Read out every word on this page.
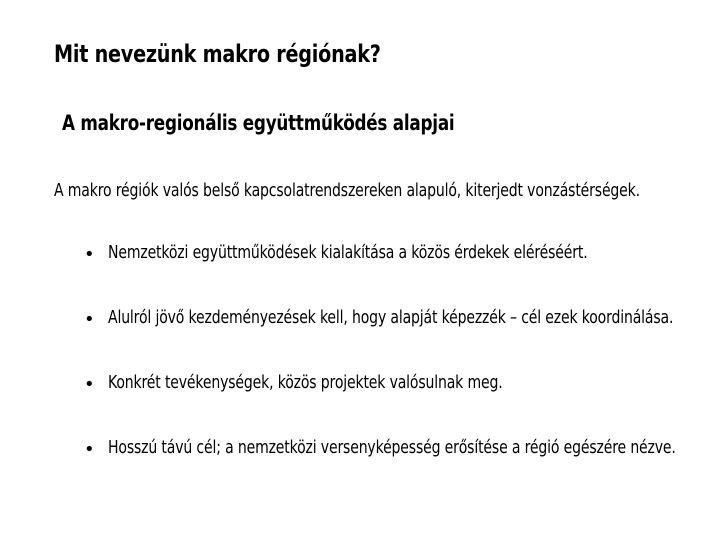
Mit nevezünk makro régiónak?
A makro-regionális együttműködés alapjai
A makro régiók valós belső kapcsolatrendszereken alapuló, kiterjedt vonzástérségek.
• Nemzetközi együttműködések kialakítása a közös érdekek eléréséért.
• Alulról jövő kezdeményezések kell, hogy alapját képezzék – cél ezek koordinálása.
• Konkrét tevékenységek, közös projektek valósulnak meg.
• Hosszú távú cél; a nemzetközi versenyképesség erősítése a régió egészére nézve.
